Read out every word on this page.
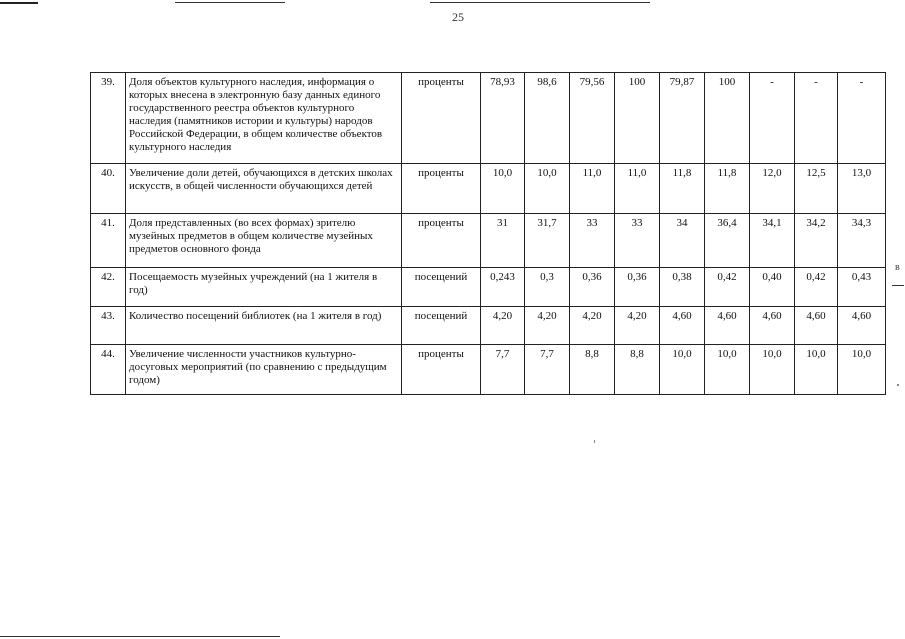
25
39.	Доля объектов культурного наследия, информация о которых внесена в электронную базу данных единого государственного реестра объектов культурного наследия (памятников истории и культуры) народов Российской Федерации, в общем количестве объектов культурного наследия	проценты	78,93	98,6	79,56	100	79,87	100	-	-	-
40.	Увеличение доли детей, обучающихся в детских школах искусств, в общей численности обучающихся детей	проценты	10,0	10,0	11,0	11,0	11,8	11,8	12,0	12,5	13,0
41.	Доля представленных (во всех формах) зрителю музейных предметов в общем количестве музейных предметов основного фонда	проценты	31	31,7	33	33	34	36,4	34,1	34,2	34,3
42.	Посещаемость музейных учреждений (на 1 жителя в год)	посещений	0,243	0,3	0,36	0,36	0,38	0,42	0,40	0,42	0,43
43.	Количество посещений библиотек (на 1 жителя в год)	посещений	4,20	4,20	4,20	4,20	4,60	4,60	4,60	4,60	4,60
44.	Увеличение численности участников культурно-досуговых мероприятий (по сравнению с предыдущим годом)	проценты	7,7	7,7	8,8	8,8	10,0	10,0	10,0	10,0	10,0
в
